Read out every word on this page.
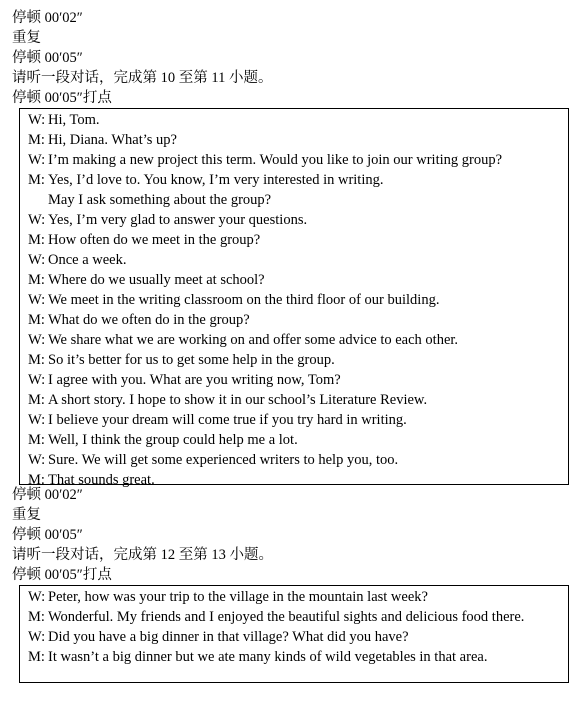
停顿 00′02″
重复
停顿 00′05″
请听一段对话，完成第 10 至第 11 小题。
停顿 00′05″打点
W: Hi, Tom.
M: Hi, Diana. What’s up?
W: I’m making a new project this term. Would you like to join our writing group?
M: Yes, I’d love to. You know, I’m very interested in writing.
May I ask something about the group?
W: Yes, I’m very glad to answer your questions.
M: How often do we meet in the group?
W: Once a week.
M: Where do we usually meet at school?
W: We meet in the writing classroom on the third floor of our building.
M: What do we often do in the group?
W: We share what we are working on and offer some advice to each other.
M: So it’s better for us to get some help in the group.
W: I agree with you. What are you writing now, Tom?
M: A short story. I hope to show it in our school’s Literature Review.
W: I believe your dream will come true if you try hard in writing.
M: Well, I think the group could help me a lot.
W: Sure. We will get some experienced writers to help you, too.
M: That sounds great.
停顿 00′02″
重复
停顿 00′05″
请听一段对话，完成第 12 至第 13 小题。
停顿 00′05″打点
W: Peter, how was your trip to the village in the mountain last week?
M: Wonderful. My friends and I enjoyed the beautiful sights and delicious food there.
W: Did you have a big dinner in that village? What did you have?
M: It wasn’t a big dinner but we ate many kinds of wild vegetables in that area.
